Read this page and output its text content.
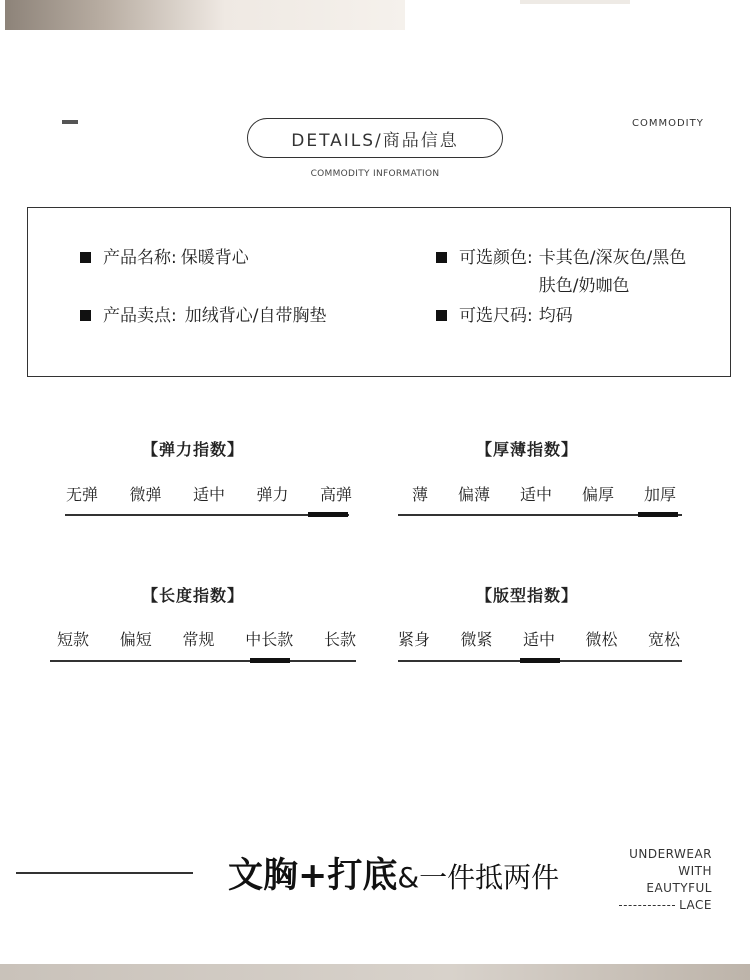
COMMODITY
DETAILS/商品信息
COMMODITY INFORMATION
产品名称: 保暖背心
产品卖点: 加绒背心/自带胸垫
可选颜色: 卡其色/深灰色/黑色
肤色/奶咖色
可选尺码: 均码
【弹力指数】
无弹 微弹 适中 弹力 高弹
【厚薄指数】
薄 偏薄 适中 偏厚 加厚
【长度指数】
短款 偏短 常规 中长款 长款
【版型指数】
紧身 微紧 适中 微松 宽松
文胸+打底&一件抵两件
UNDERWEAR WITH
EAUTYFUL
LACE
